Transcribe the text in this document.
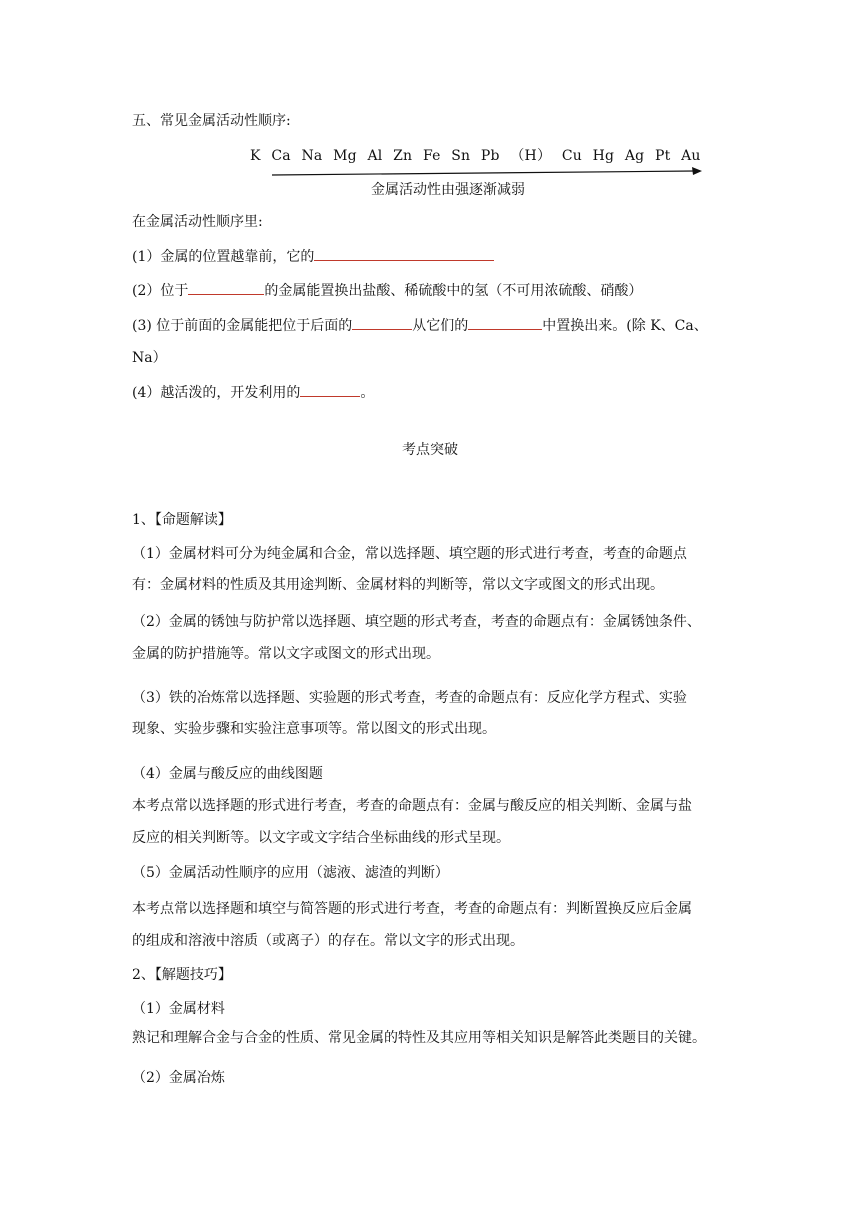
五、常见金属活动性顺序:
K Ca Na Mg Al Zn Fe Sn Pb （H） Cu Hg Ag Pt Au
金属活动性由强逐渐减弱
在金属活动性顺序里:
(1）金属的位置越靠前，它的
(2）位于	的金属能置换出盐酸、稀硫酸中的氢（不可用浓硫酸、硝酸）
(3) 位于前面的金属能把位于后面的	从它们的	中置换出来。(除 K、Ca、
Na）
(4）越活泼的，开发利用的	。
考点突破
1、【命题解读】
（1）金属材料可分为纯金属和合金，常以选择题、填空题的形式进行考查，考查的命题点
有：金属材料的性质及其用途判断、金属材料的判断等，常以文字或图文的形式出现。
（2）金属的锈蚀与防护常以选择题、填空题的形式考查，考查的命题点有：金属锈蚀条件、
金属的防护措施等。常以文字或图文的形式出现。
（3）铁的冶炼常以选择题、实验题的形式考查，考查的命题点有：反应化学方程式、实验
现象、实验步骤和实验注意事项等。常以图文的形式出现。
（4）金属与酸反应的曲线图题
本考点常以选择题的形式进行考查，考查的命题点有：金属与酸反应的相关判断、金属与盐
反应的相关判断等。以文字或文字结合坐标曲线的形式呈现。
（5）金属活动性顺序的应用（滤液、滤渣的判断）
本考点常以选择题和填空与简答题的形式进行考查，考查的命题点有：判断置换反应后金属
的组成和溶液中溶质（或离子）的存在。常以文字的形式出现。
2、【解题技巧】
（1）金属材料
熟记和理解合金与合金的性质、常见金属的特性及其应用等相关知识是解答此类题目的关键。
（2）金属冶炼
